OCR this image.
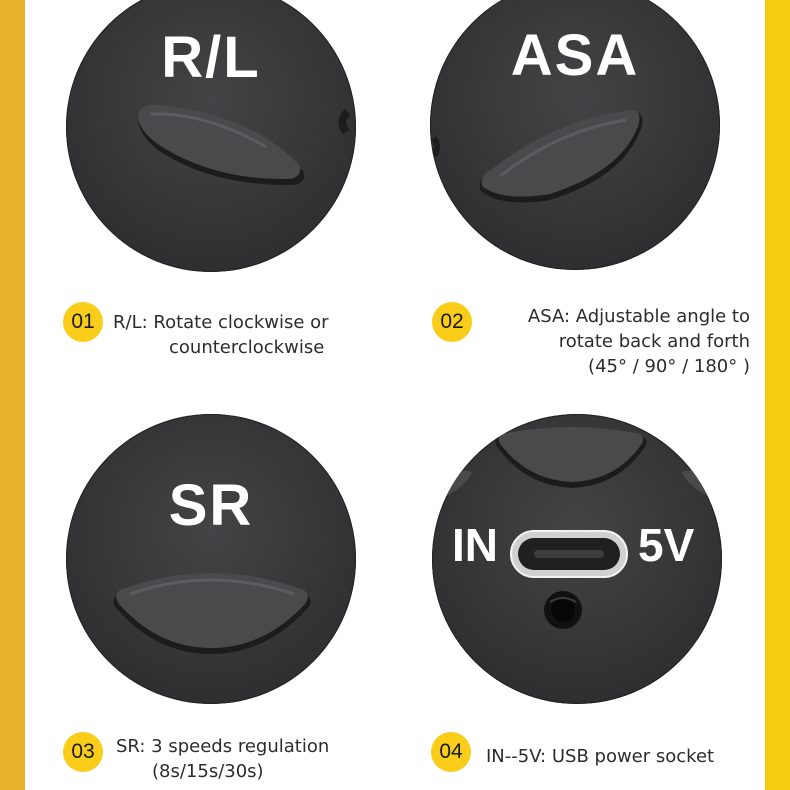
R/L
01	R/L: Rotate clockwise or
counterclockwise
ASA
02	ASA: Adjustable angle to
rotate back and forth
(45° / 90° / 180° )
SR
03	SR: 3 speeds regulation
(8s/15s/30s)
IN	5V
04	IN--5V: USB power socket
